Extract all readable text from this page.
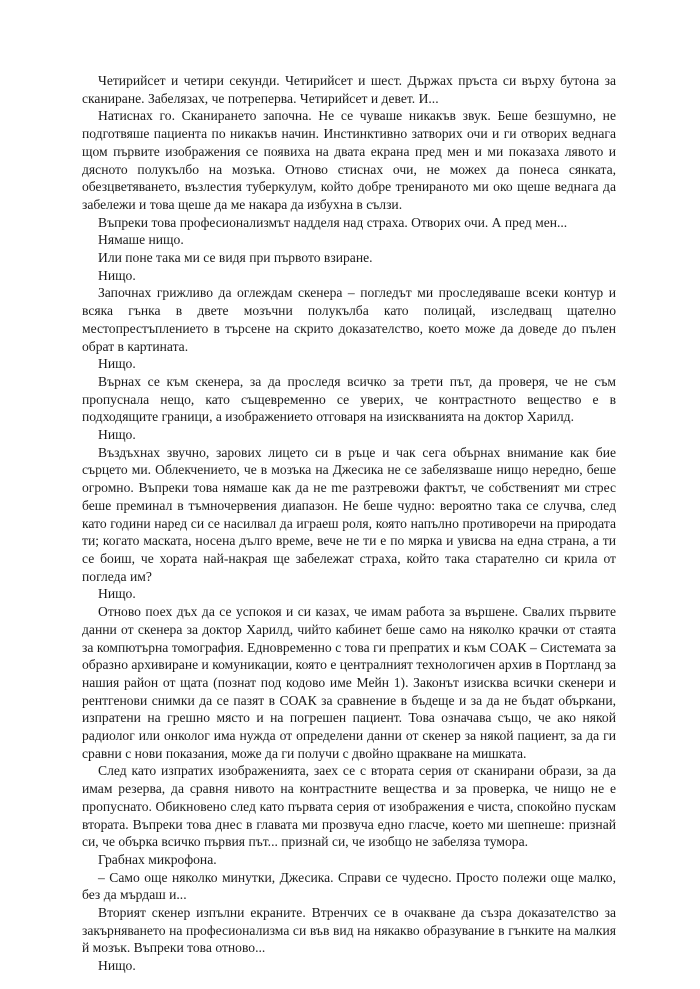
Четирийсет и четири секунди. Четирийсет и шест. Държах пръста си върху бутона за сканиране. Забелязах, че потреперва. Четирийсет и девет. И...

Натиснах го. Сканирането започна. Не се чуваше никакъв звук. Беше безшумно, не подготвяше пациента по никакъв начин. Инстинктивно затворих очи и ги отворих веднага щом първите изображения се появиха на двата екрана пред мен и ми показаха лявото и дясното полукълбо на мозъка. Отново стиснах очи, не можех да понеса сянката, обезцветяването, възлестия туберкулум, който добре тренираното ми око щеше веднага да забележи и това щеше да ме накара да избухна в сълзи.

Въпреки това професионализмът надделя над страха. Отворих очи. А пред мен...

Нямаше нищо.

Или поне така ми се видя при първото взиране.

Нищо.

Започнах грижливо да оглеждам скенера – погледът ми проследяваше всеки контур и всяка гънка в двете мозъчни полукълба като полицай, изследващ щателно местопрестъплението в търсене на скрито доказателство, което може да доведе до пълен обрат в картината.

Нищо.

Върнах се към скенера, за да проследя всичко за трети път, да проверя, че не съм пропуснала нещо, като същевременно се уверих, че контрастното вещество е в подходящите граници, а изображението отговаря на изискванията на доктор Харилд.

Нищо.

Въздъхнах звучно, зарових лицето си в ръце и чак сега обърнах внимание как бие сърцето ми. Облекчението, че в мозъка на Джесика не се забелязваше нищо нередно, беше огромно. Въпреки това нямаше как да не me разтревожи фактът, че собственият ми стрес беше преминал в тъмночервения диапазон. Не беше чудно: вероятно така се случва, след като години наред си се насилвал да играеш роля, която напълно противоречи на природата ти; когато маската, носена дълго време, вече не ти е по мярка и увисва на една страна, а ти се боиш, че хората най-накрая ще забележат страха, който така старателно си крила от погледа им?

Нищо.

Отново поех дъх да се успокоя и си казах, че имам работа за вършене. Свалих първите данни от скенера за доктор Харилд, чийто кабинет беше само на няколко крачки от стаята за компютърна томография. Едновременно с това ги препратих и към СОАК – Системата за образно архивиране и комуникации, която е централният технологичен архив в Портланд за нашия район от щата (познат под кодово име Мейн 1). Законът изисква всички скенери и рентгенови снимки да се пазят в СОАК за сравнение в бъдеще и за да не бъдат объркани, изпратени на грешно място и на погрешен пациент. Това означава също, че ако някой радиолог или онколог има нужда от определени данни от скенер за някой пациент, за да ги сравни с нови показания, може да ги получи с двойно щракване на мишката.

След като изпратих изображенията, заех се с втората серия от сканирани образи, за да имам резерва, да сравня нивото на контрастните вещества и за проверка, че нищо не е пропуснато. Обикновено след като първата серия от изображения е чиста, спокойно пускам втората. Въпреки това днес в главата ми прозвуча едно гласче, което ми шепнеше: признай си, че обърка всичко първия път... признай си, че изобщо не забеляза тумора.

Грабнах микрофона.

– Само още няколко минутки, Джесика. Справи се чудесно. Просто полежи още малко, без да мърдаш и...

Вторият скенер изпълни екраните. Втренчих се в очакване да съзра доказателство за закърняването на професионализма си във вид на някакво образувание в гънките на малкия й мозък. Въпреки това отново...

Нищо.
